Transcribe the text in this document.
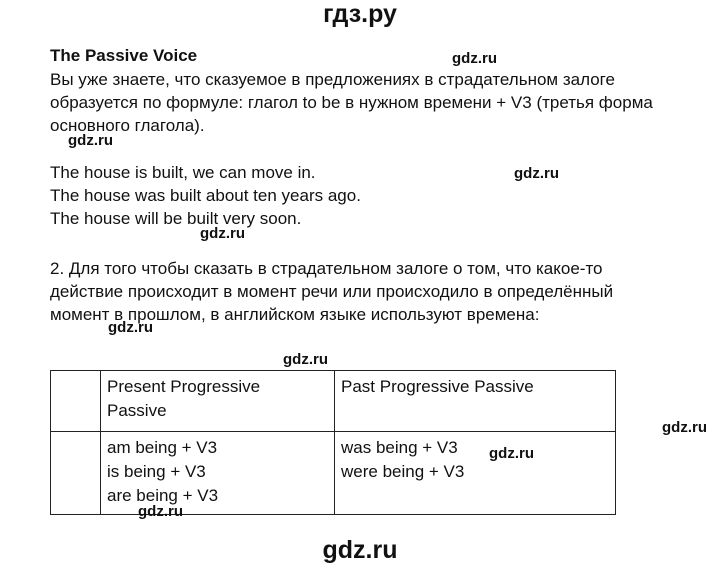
гдз.ру
The Passive Voice	gdz.ru
Вы уже знаете, что сказуемое в предложениях в страдательном залоге
образуется по формуле: глагол to be в нужном времени + V3 (третья форма
основного глагола).
gdz.ru
The house is built, we can move in.
The house was built about ten years ago.
The house will be built very soon.
gdz.ru
gdz.ru
2. Для того чтобы сказать в страдательном залоге о том, что какое-то
действие происходит в момент речи или происходило в определённый
момент в прошлом, в английском языке используют времена:
gdz.ru
gdz.ru
	Present Progressive
Passive	Past Progressive Passive
	am being + V3
is being + V3
are being + V3	was being + V3
were being + V3
gdz.ru
gdz.ru
gdz.ru
gdz.ru
